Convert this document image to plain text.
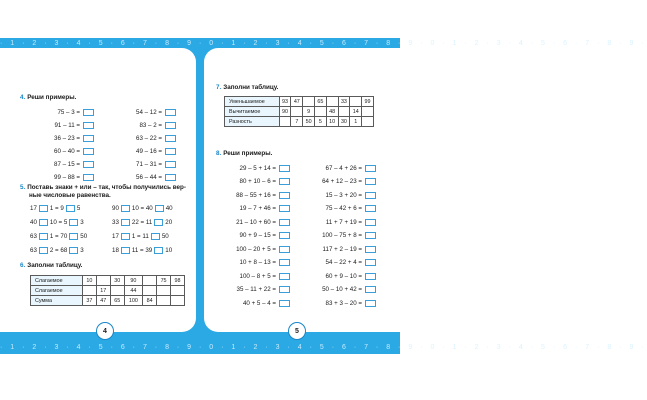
· 1 · 2 · 3 · 4 · 5 · 6 · 7 · 8 · 9 · 0 · 1 · 2 · 3 · 4 · 5 · 6 · 7 · 8 · 9 · 0 · 1 · 2 · 3 · 4 · 5 · 6 · 7 · 8 · 9 ·
· 1 · 2 · 3 · 4 · 5 · 6 · 7 · 8 · 9 · 0 · 1 · 2 · 3 · 4 · 5 · 6 · 7 · 8 · 9 · 0 · 1 · 2 · 3 · 4 · 5 · 6 · 7 · 8 · 9 ·
4. Реши примеры.
75 – 3 =
91 – 11 =
36 – 23 =
60 – 40 =
87 – 15 =
99 – 88 =
54 – 12 =
83 – 2 =
63 – 22 =
49 – 16 =
71 – 31 =
56 – 44 =
5. Поставь знаки + или – так, чтобы получились вер-
ные числовые равенства.
17 1 = 9 5	90 10 = 40 40
40 10 = 5 3	33 22 = 11 20
63 1 = 70 50	17 1 = 11 50
63 2 = 68 3	18 11 = 39 10
6. Заполни таблицу.
Слагаемое	10		30	90		75	98
Слагаемое		17		44			
Сумма	37	47	65	100	84		
4
7. Заполни таблицу.
Уменьшаемое	93	47		65		33		99
Вычитаемое	90		9		48		14	
Разность		7	50	5	10	30	1	
8. Реши примеры.
29 – 5 + 14 =
80 + 10 – 6 =
88 – 55 + 16 =
19 – 7 + 46 =
21 – 10 + 60 =
90 + 9 – 15 =
100 – 20 + 5 =
10 + 8 – 13 =
100 – 8 + 5 =
35 – 11 + 22 =
40 + 5 – 4 =
67 – 4 + 26 =
64 + 12 – 23 =
15 – 3 + 20 =
75 – 42 + 6 =
11 + 7 + 19 =
100 – 75 + 8 =
117 + 2 – 19 =
54 – 22 + 4 =
60 + 9 – 10 =
50 – 10 + 42 =
83 + 3 – 20 =
5
